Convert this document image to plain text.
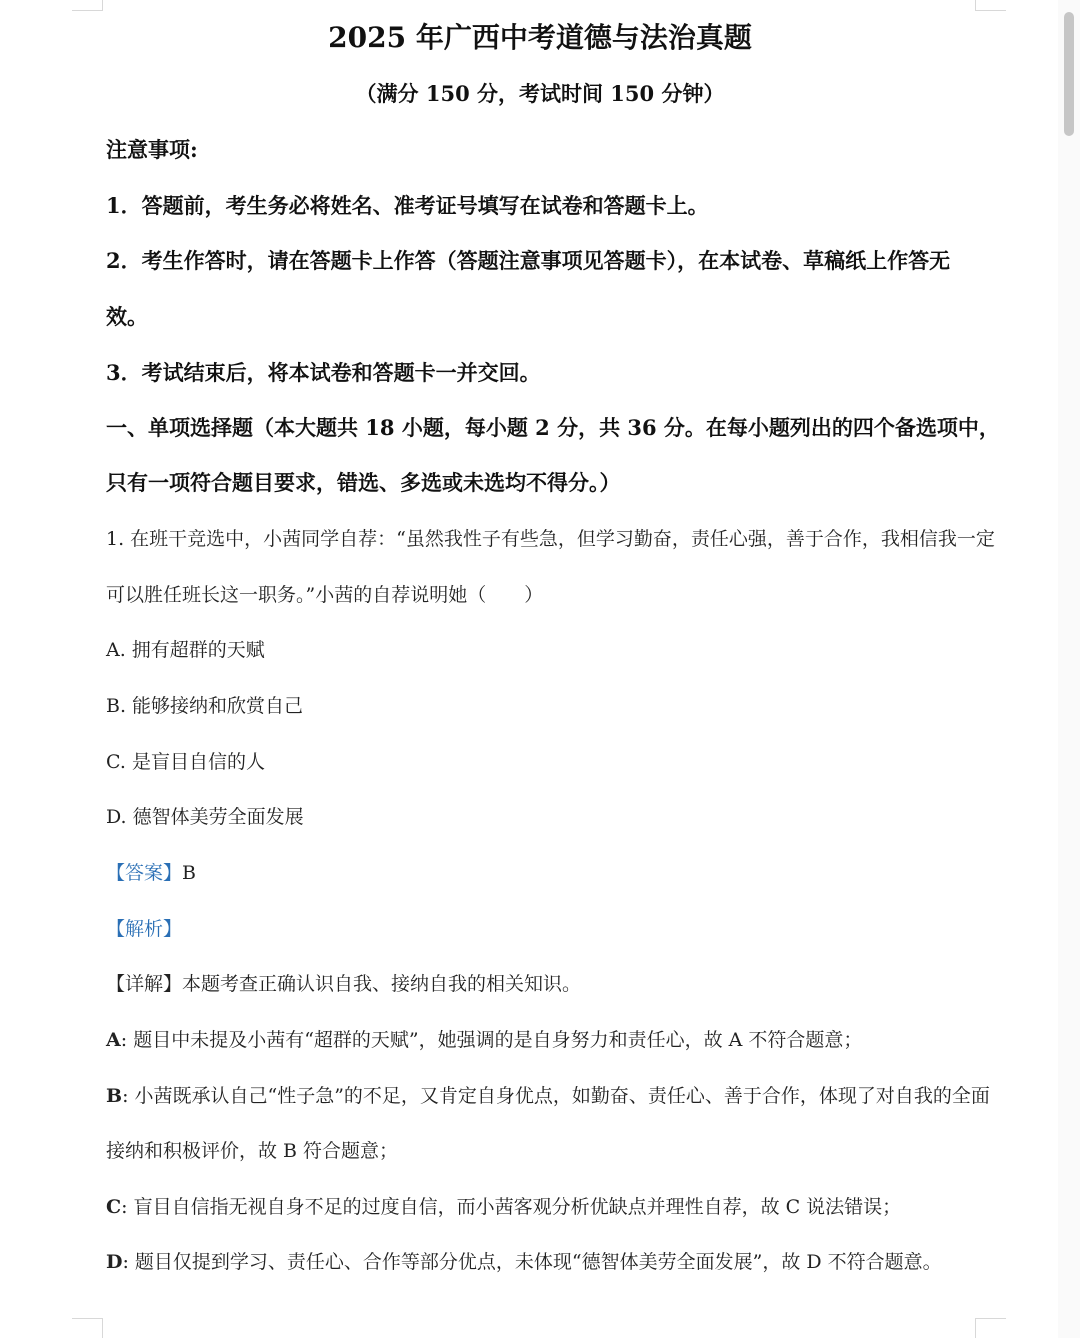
2025 年广西中考道德与法治真题
（满分 150 分，考试时间 150 分钟）
注意事项:
1．答题前，考生务必将姓名、准考证号填写在试卷和答题卡上。
2．考生作答时，请在答题卡上作答（答题注意事项见答题卡），在本试卷、草稿纸上作答无
效。
3．考试结束后，将本试卷和答题卡一并交回。
一、单项选择题（本大题共 18 小题，每小题 2 分，共 36 分。在每小题列出的四个备选项中，
只有一项符合题目要求，错选、多选或未选均不得分。）
1. 在班干竞选中，小茜同学自荐：“虽然我性子有些急，但学习勤奋，责任心强，善于合作，我相信我一定
可以胜任班长这一职务。”小茜的自荐说明她（　　）
A. 拥有超群的天赋
B. 能够接纳和欣赏自己
C. 是盲目自信的人
D. 德智体美劳全面发展
【答案】B
【解析】
【详解】本题考查正确认识自我、接纳自我的相关知识。
A: 题目中未提及小茜有“超群的天赋”，她强调的是自身努力和责任心，故 A 不符合题意；
B: 小茜既承认自己“性子急”的不足，又肯定自身优点，如勤奋、责任心、善于合作，体现了对自我的全面
接纳和积极评价，故 B 符合题意；
C: 盲目自信指无视自身不足的过度自信，而小茜客观分析优缺点并理性自荐，故 C 说法错误；
D: 题目仅提到学习、责任心、合作等部分优点，未体现“德智体美劳全面发展”，故 D 不符合题意。
